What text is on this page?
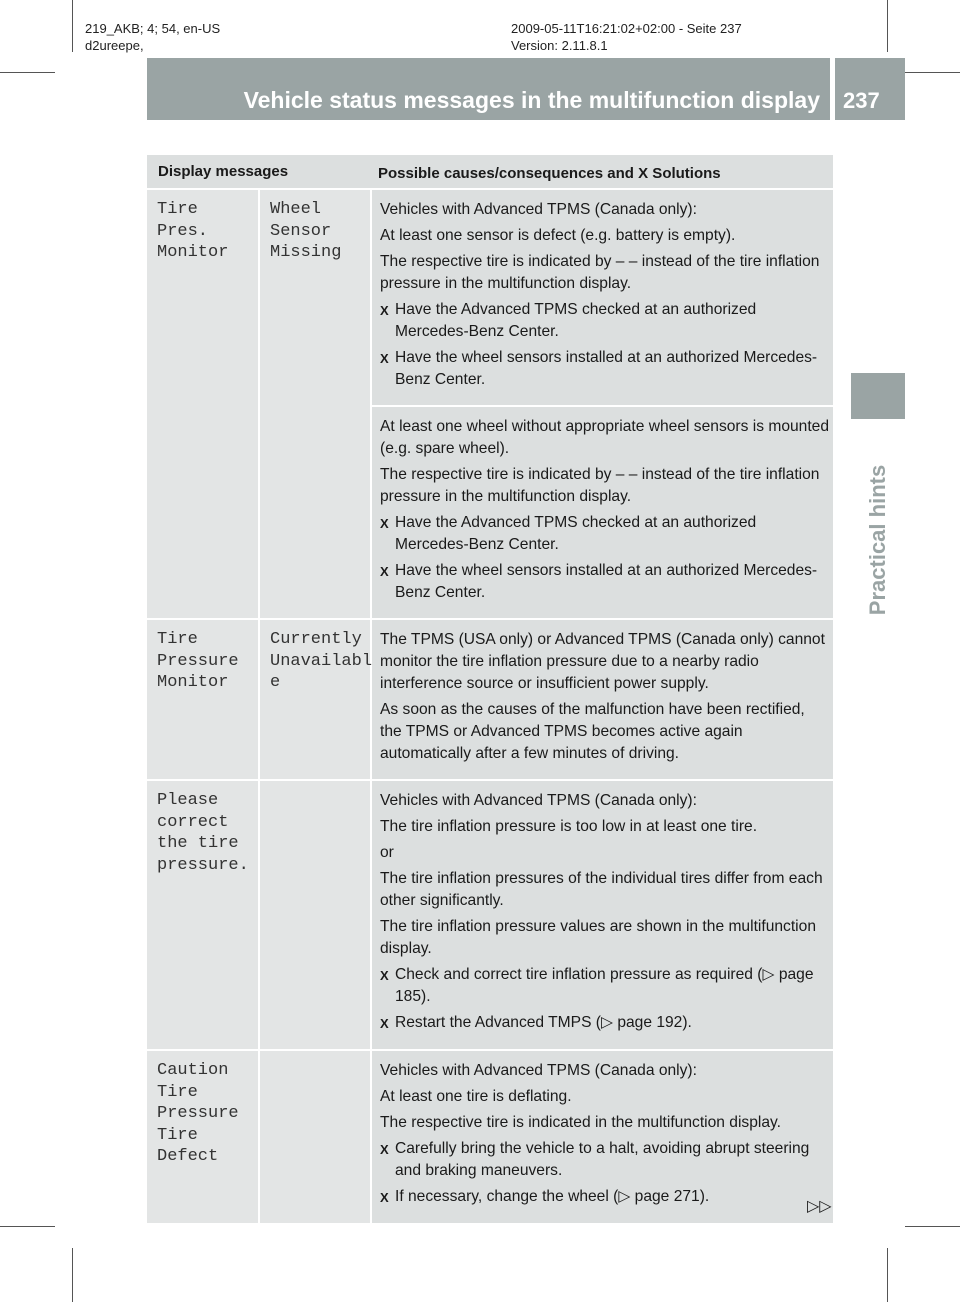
219_AKB; 4; 54, en-US
d2ureepe,
2009-05-11T16:21:02+02:00 - Seite 237
Version: 2.11.8.1
Vehicle status messages in the multifunction display 237
Practical hints
Display messages	Possible causes/consequences and X Solutions
Tire
Pres.
Monitor
Wheel
Sensor
Missing

Vehicles with Advanced TPMS (Canada only):

At least one sensor is defect (e.g. battery is empty).

The respective tire is indicated by – – instead of the tire inflation pressure in the multifunction display.

X Have the Advanced TPMS checked at an authorized Mercedes-Benz Center.
X Have the wheel sensors installed at an authorized Mercedes-Benz Center.

At least one wheel without appropriate wheel sensors is mounted (e.g. spare wheel).

The respective tire is indicated by – – instead of the tire inflation pressure in the multifunction display.

X Have the Advanced TPMS checked at an authorized Mercedes-Benz Center.
X Have the wheel sensors installed at an authorized Mercedes-Benz Center.
Tire
Pressure
Monitor
Currently
Unavailabl
e

The TPMS (USA only) or Advanced TPMS (Canada only) cannot monitor the tire inflation pressure due to a nearby radio interference source or insufficient power supply.

As soon as the causes of the malfunction have been rectified, the TPMS or Advanced TPMS becomes active again automatically after a few minutes of driving.

Please
correct
the tire
pressure.

Vehicles with Advanced TPMS (Canada only):

The tire inflation pressure is too low in at least one tire.

or

The tire inflation pressures of the individual tires differ from each other significantly.

The tire inflation pressure values are shown in the multifunction display.

X Check and correct tire inflation pressure as required (▷ page 185).
X Restart the Advanced TMPS (▷ page 192).
Caution
Tire
Pressure
Tire
Defect

Vehicles with Advanced TPMS (Canada only):

At least one tire is deflating.

The respective tire is indicated in the multifunction display.

X Carefully bring the vehicle to a halt, avoiding abrupt steering and braking maneuvers.
X If necessary, change the wheel (▷ page 271).
▷▷
